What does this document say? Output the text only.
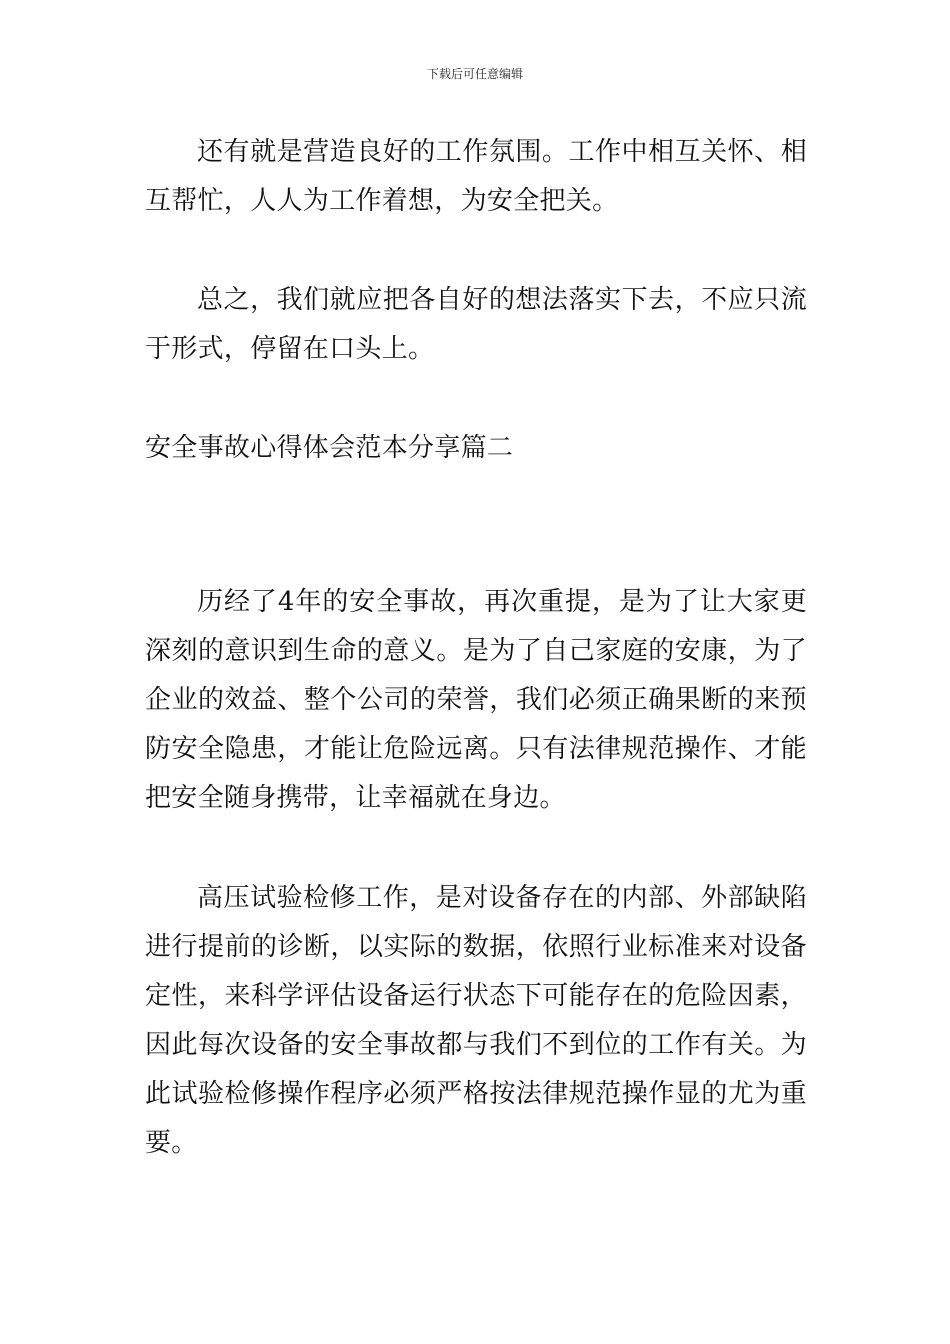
下载后可任意编辑

还有就是营造良好的工作氛围。工作中相互关怀、相互帮忙，人人为工作着想，为安全把关。

总之，我们就应把各自好的想法落实下去，不应只流于形式，停留在口头上。

安全事故心得体会范本分享篇二

历经了4年的安全事故，再次重提，是为了让大家更深刻的意识到生命的意义。是为了自己家庭的安康，为了企业的效益、整个公司的荣誉，我们必须正确果断的来预防安全隐患，才能让危险远离。只有法律规范操作、才能把安全随身携带，让幸福就在身边。

高压试验检修工作，是对设备存在的内部、外部缺陷进行提前的诊断，以实际的数据，依照行业标准来对设备定性，来科学评估设备运行状态下可能存在的危险因素，因此每次设备的安全事故都与我们不到位的工作有关。为此试验检修操作程序必须严格按法律规范操作显的尤为重要。
